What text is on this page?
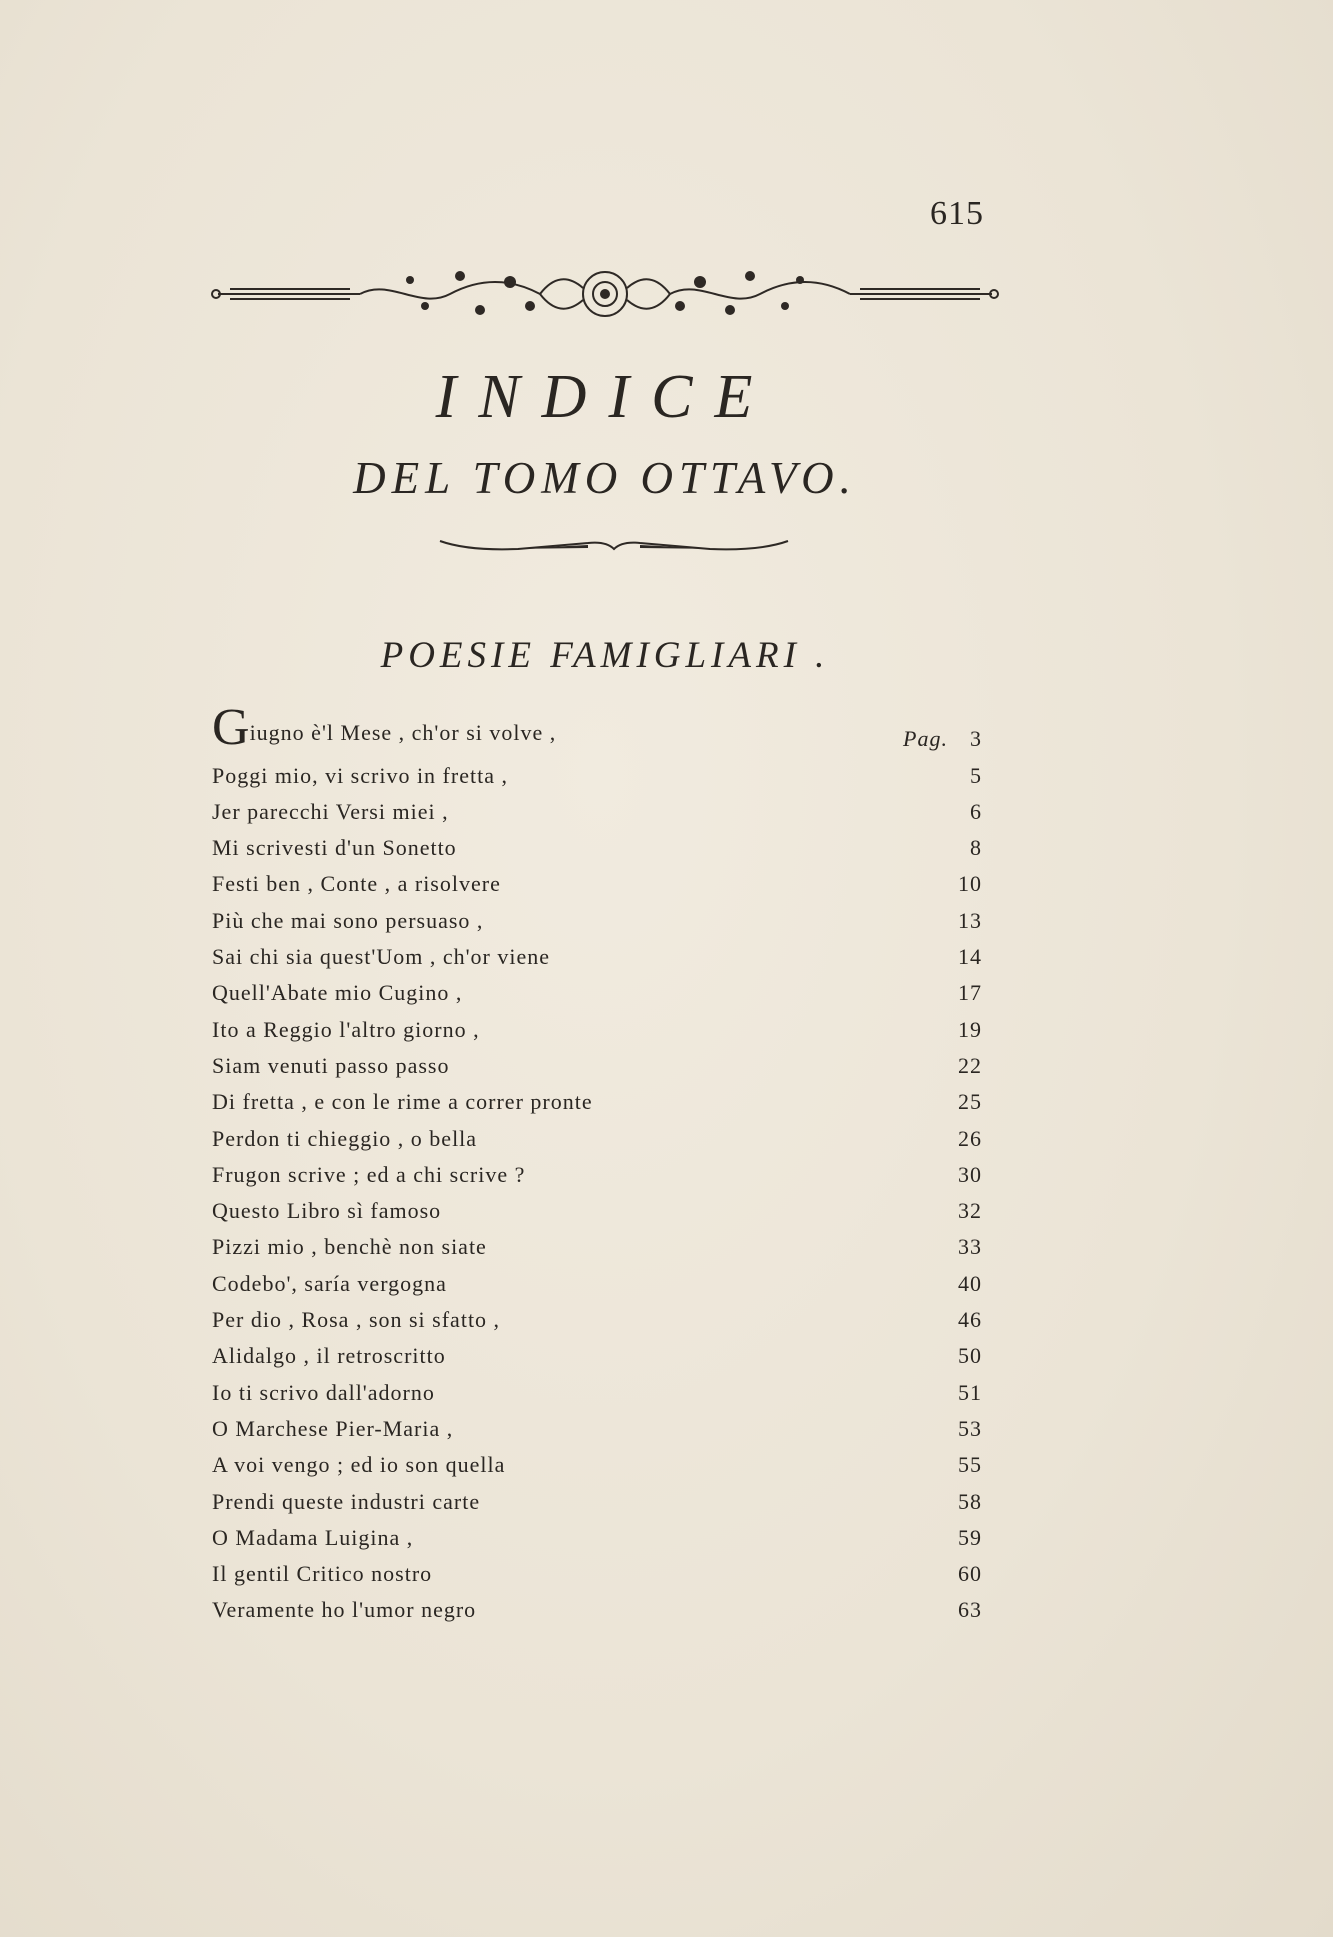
615
INDICE
DEL TOMO OTTAVO.
POESIE FAMIGLIARI .
Giugno è'l Mese , ch'or si volve ,	Pag. 3
Poggi mio, vi scrivo in fretta ,	5
Jer parecchi Versi miei ,	6
Mi scrivesti d'un Sonetto	8
Festi ben , Conte , a risolvere	10
Più che mai sono persuaso ,	13
Sai chi sia quest'Uom , ch'or viene	14
Quell'Abate mio Cugino ,	17
Ito a Reggio l'altro giorno ,	19
Siam venuti passo passo	22
Di fretta , e con le rime a correr pronte	25
Perdon ti chieggio , o bella	26
Frugon scrive ; ed a chi scrive ?	30
Questo Libro sì famoso	32
Pizzi mio , benchè non siate	33
Codebo', saría vergogna	40
Per dio , Rosa , son si sfatto ,	46
Alidalgo , il retroscritto	50
Io ti scrivo dall'adorno	51
O Marchese Pier-Maria ,	53
A voi vengo ; ed io son quella	55
Prendi queste industri carte	58
O Madama Luigina ,	59
Il gentil Critico nostro	60
Veramente ho l'umor negro	63
